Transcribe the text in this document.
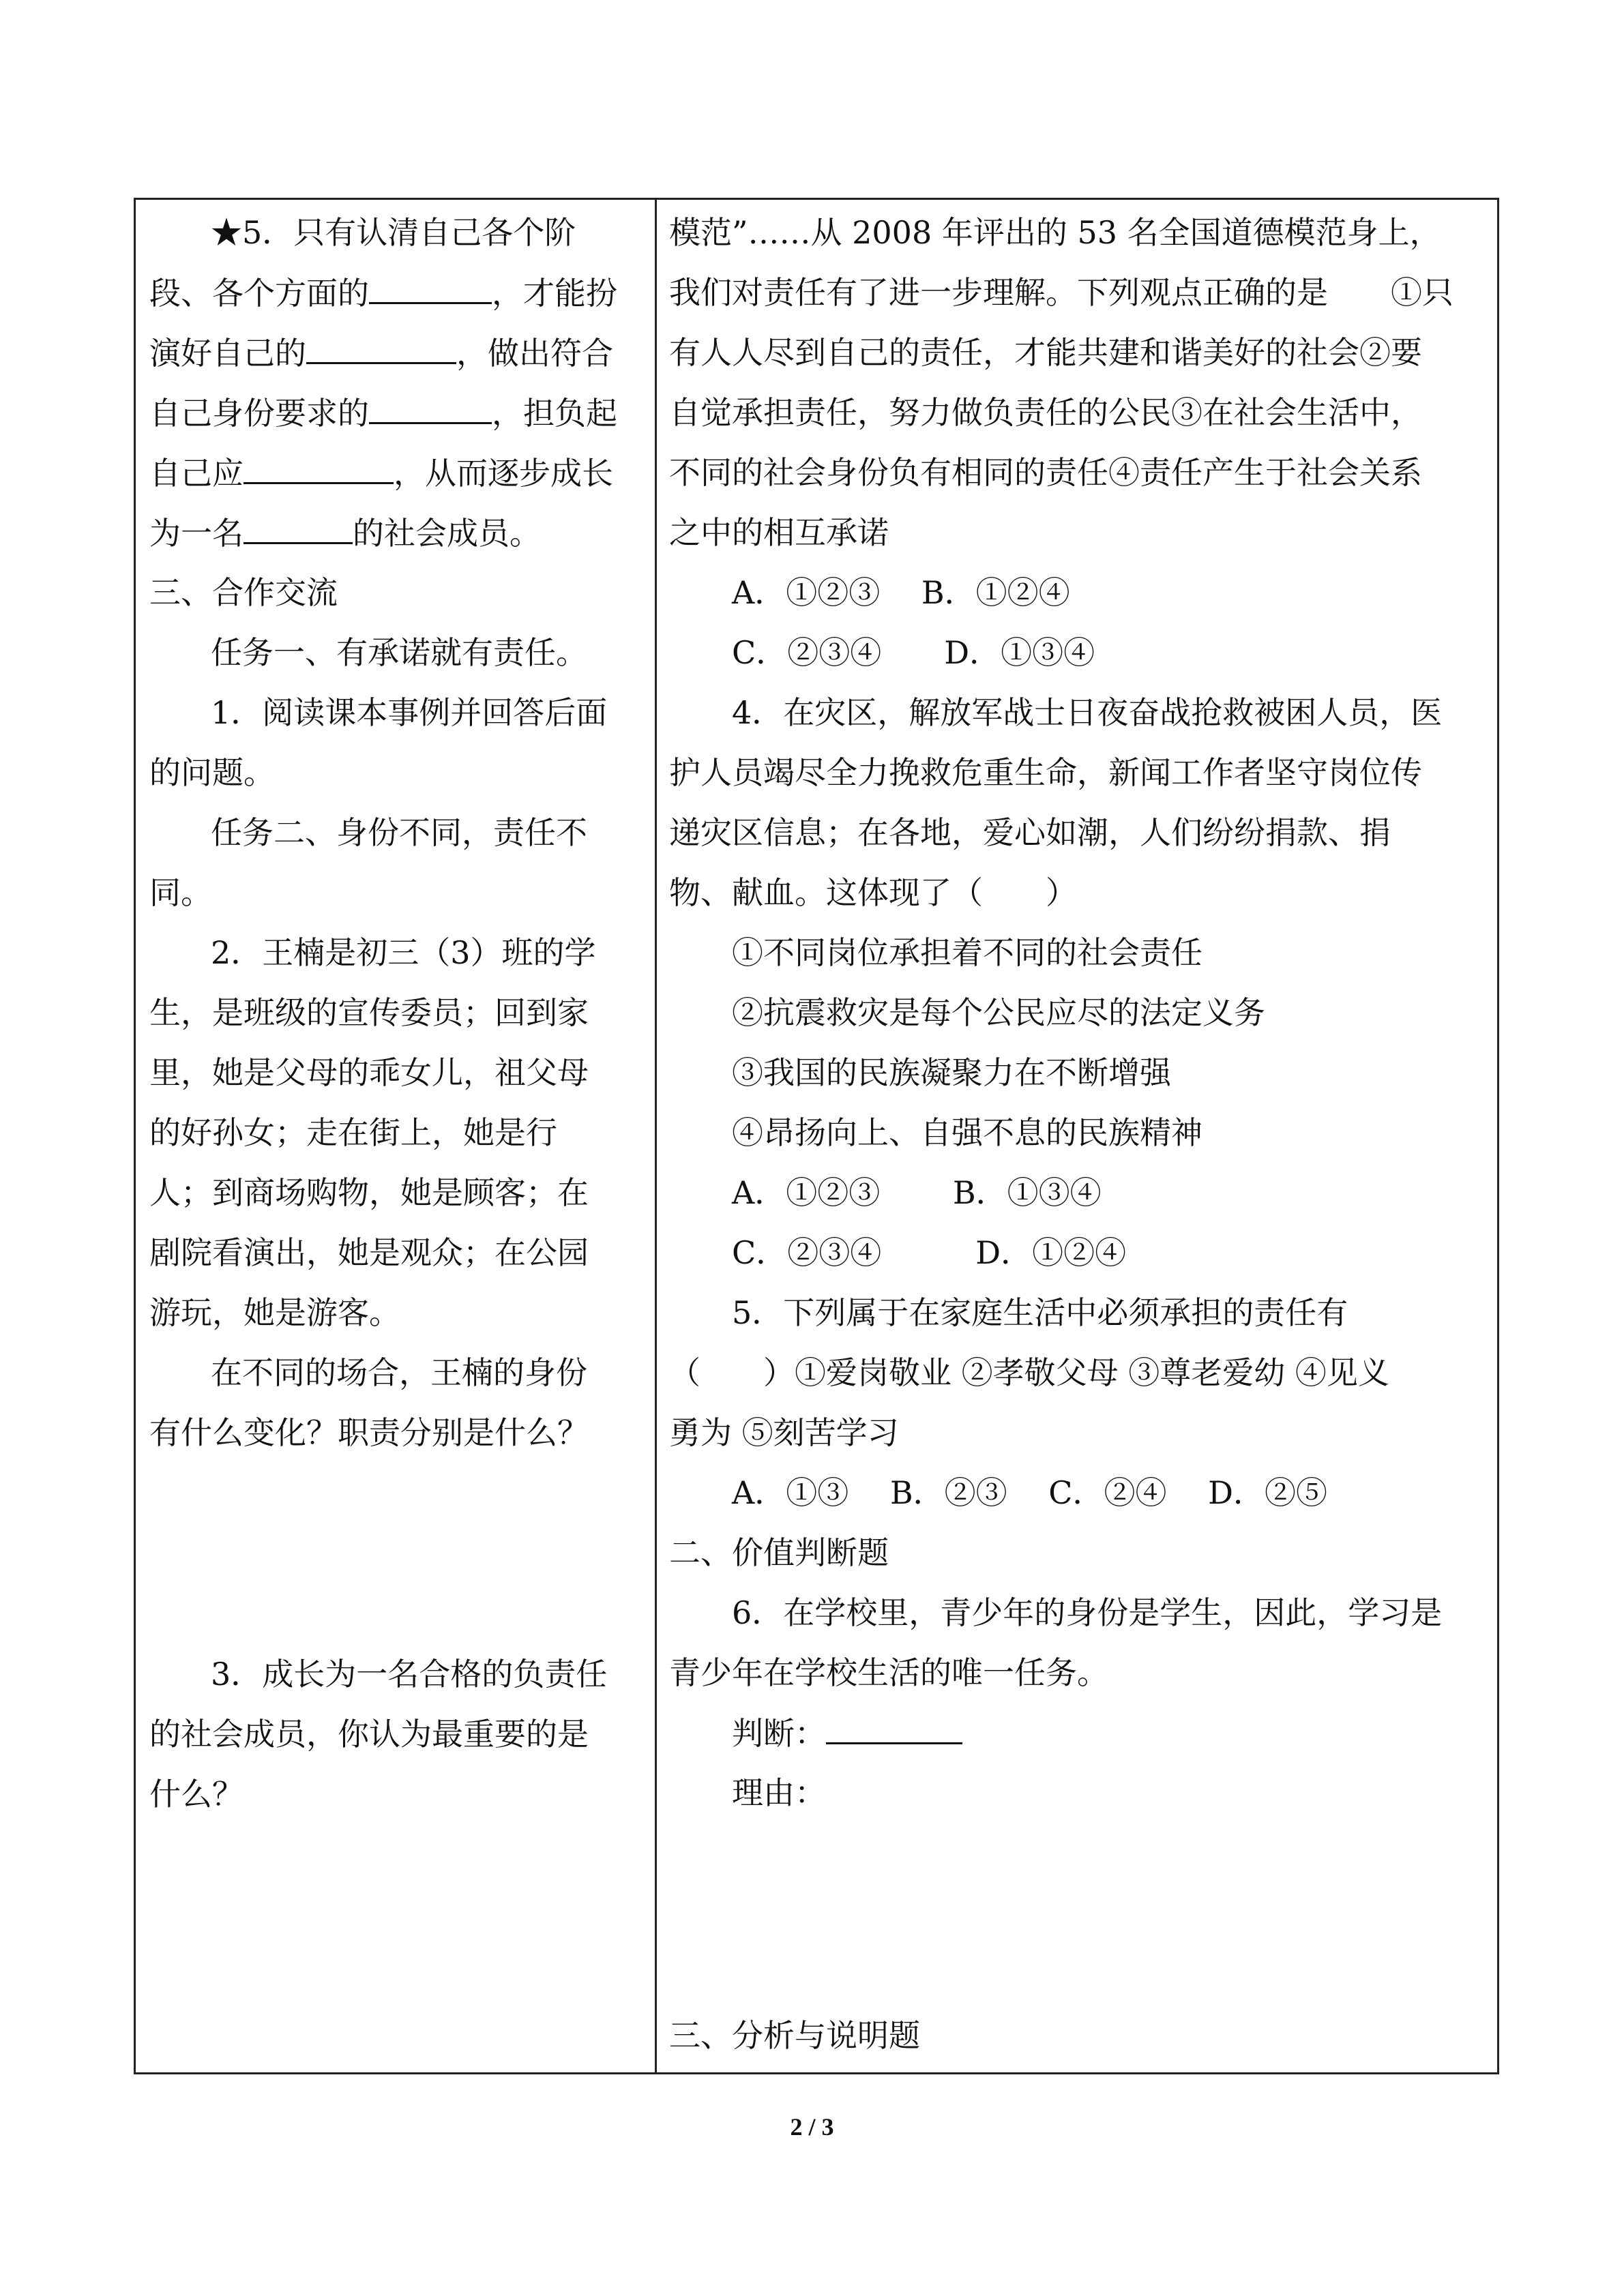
★5．只有认清自己各个阶
段、各个方面的	，才能扮
演好自己的	，做出符合
自己身份要求的	，担负起
自己应	，从而逐步成长
为一名	的社会成员。
三、合作交流
任务一、有承诺就有责任。
1．阅读课本事例并回答后面
的问题。
任务二、身份不同，责任不
同。
2．王楠是初三（3）班的学
生，是班级的宣传委员；回到家
里，她是父母的乖女儿，祖父母
的好孙女；走在街上，她是行
人；到商场购物，她是顾客；在
剧院看演出，她是观众；在公园
游玩，她是游客。
在不同的场合，王楠的身份
有什么变化？职责分别是什么？
3．成长为一名合格的负责任
的社会成员，你认为最重要的是
什么？
模范”……从 2008 年评出的 53 名全国道德模范身上，
我们对责任有了进一步理解。下列观点正确的是　　①只
有人人尽到自己的责任，才能共建和谐美好的社会②要
自觉承担责任，努力做负责任的公民③在社会生活中，
不同的社会身份负有相同的责任④责任产生于社会关系
之中的相互承诺
A．①②③　 B．①②④
C．②③④　　D．①③④
4．在灾区，解放军战士日夜奋战抢救被困人员，医
护人员竭尽全力挽救危重生命，新闻工作者坚守岗位传
递灾区信息；在各地，爱心如潮，人们纷纷捐款、捐
物、献血。这体现了（　　）
①不同岗位承担着不同的社会责任
②抗震救灾是每个公民应尽的法定义务
③我国的民族凝聚力在不断增强
④昂扬向上、自强不息的民族精神
A．①②③　　 B．①③④
C．②③④　　　D．①②④
5．下列属于在家庭生活中必须承担的责任有
（　　）①爱岗敬业 ②孝敬父母 ③尊老爱幼 ④见义
勇为 ⑤刻苦学习
A．①③　 B．②③　 C．②④　 D．②⑤
二、价值判断题
6．在学校里，青少年的身份是学生，因此，学习是
青少年在学校生活的唯一任务。
判断：
理由：
三、分析与说明题
2 / 3
